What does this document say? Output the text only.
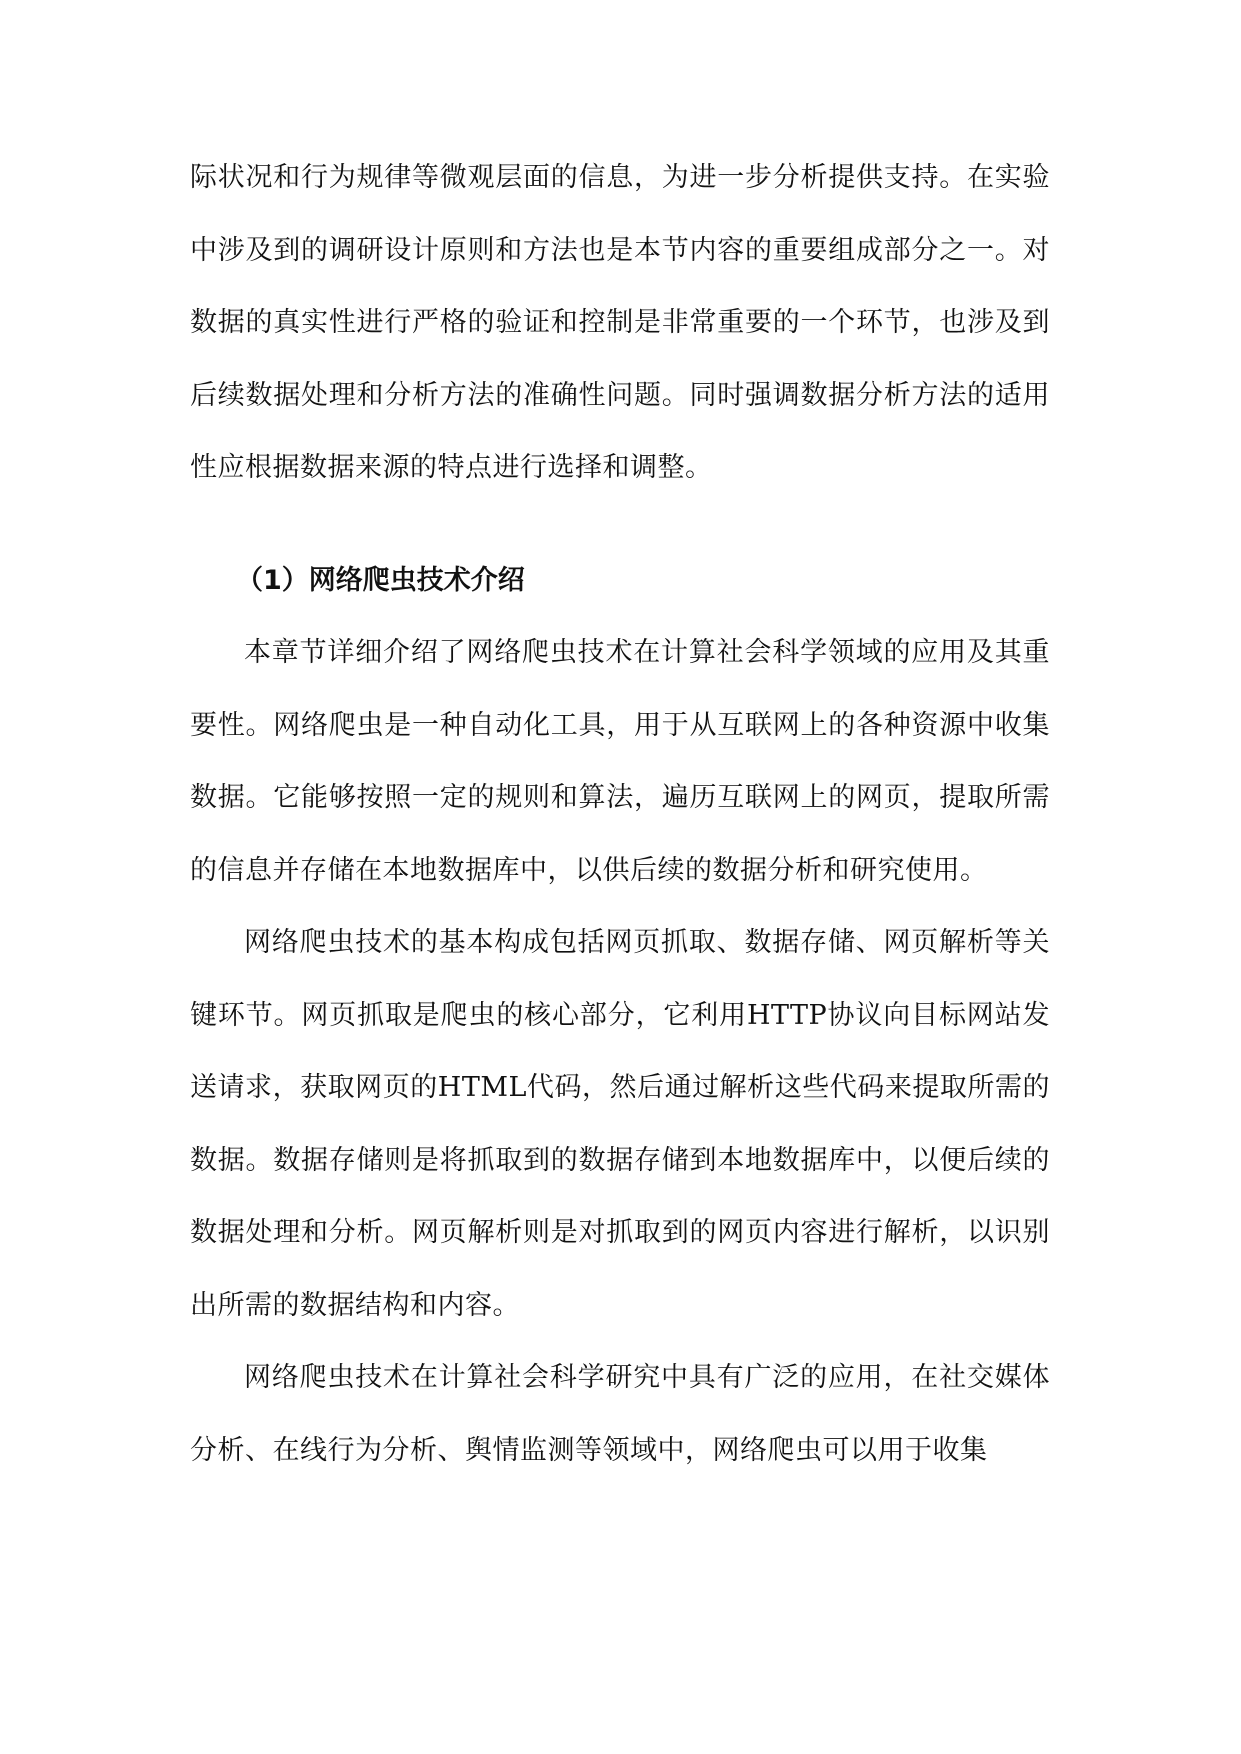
际状况和行为规律等微观层面的信息，为进一步分析提供支持。在实验中涉及到的调研设计原则和方法也是本节内容的重要组成部分之一。对数据的真实性进行严格的验证和控制是非常重要的一个环节，也涉及到后续数据处理和分析方法的准确性问题。同时强调数据分析方法的适用性应根据数据来源的特点进行选择和调整。

（1）网络爬虫技术介绍

本章节详细介绍了网络爬虫技术在计算社会科学领域的应用及其重要性。网络爬虫是一种自动化工具，用于从互联网上的各种资源中收集数据。它能够按照一定的规则和算法，遍历互联网上的网页，提取所需的信息并存储在本地数据库中，以供后续的数据分析和研究使用。

网络爬虫技术的基本构成包括网页抓取、数据存储、网页解析等关键环节。网页抓取是爬虫的核心部分，它利用HTTP协议向目标网站发送请求，获取网页的HTML代码，然后通过解析这些代码来提取所需的数据。数据存储则是将抓取到的数据存储到本地数据库中，以便后续的数据处理和分析。网页解析则是对抓取到的网页内容进行解析，以识别出所需的数据结构和内容。

网络爬虫技术在计算社会科学研究中具有广泛的应用，在社交媒体分析、在线行为分析、舆情监测等领域中，网络爬虫可以用于收集
